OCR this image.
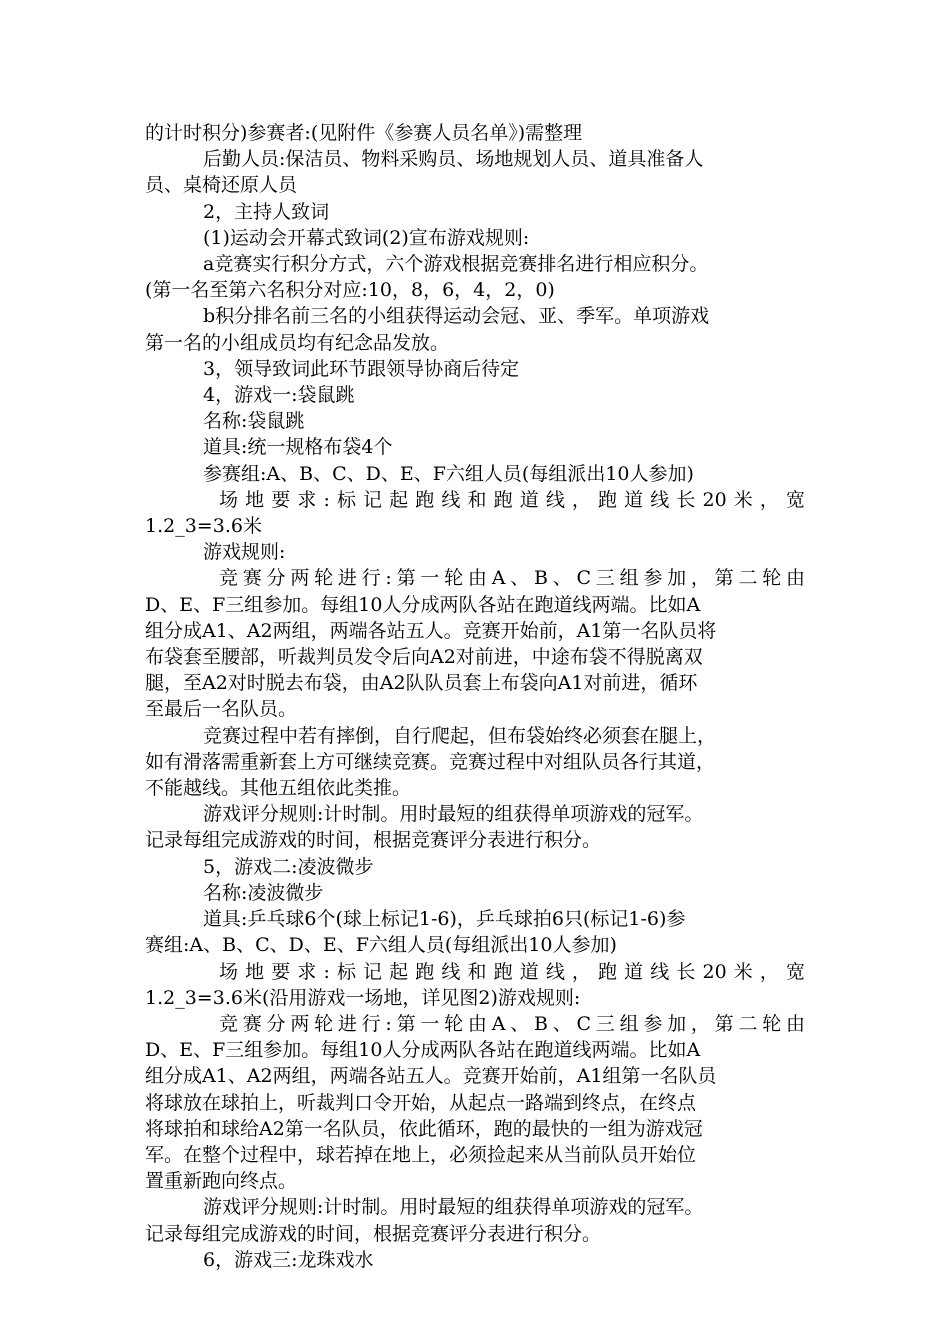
的计时积分)参赛者:(见附件《参赛人员名单》)需整理
后勤人员:保洁员、物料采购员、场地规划人员、道具准备人
员、桌椅还原人员
2，主持人致词
(1)运动会开幕式致词(2)宣布游戏规则:
a竞赛实行积分方式，六个游戏根据竞赛排名进行相应积分。
(第一名至第六名积分对应:10，8，6，4，2，0)
b积分排名前三名的小组获得运动会冠、亚、季军。单项游戏
第一名的小组成员均有纪念品发放。
3，领导致词此环节跟领导协商后待定
4，游戏一:袋鼠跳
名称:袋鼠跳
道具:统一规格布袋4个
参赛组:A、B、C、D、E、F六组人员(每组派出10人参加)
场地要求:标记起跑线和跑道线，跑道线长20米，宽
1.2_3=3.6米
游戏规则:
竞赛分两轮进行:第一轮由A、B、C三组参加，第二轮由
D、E、F三组参加。每组10人分成两队各站在跑道线两端。比如A
组分成A1、A2两组，两端各站五人。竞赛开始前，A1第一名队员将
布袋套至腰部，听裁判员发令后向A2对前进，中途布袋不得脱离双
腿，至A2对时脱去布袋，由A2队队员套上布袋向A1对前进，循环
至最后一名队员。
竞赛过程中若有摔倒，自行爬起，但布袋始终必须套在腿上，
如有滑落需重新套上方可继续竞赛。竞赛过程中对组队员各行其道，
不能越线。其他五组依此类推。
游戏评分规则:计时制。用时最短的组获得单项游戏的冠军。
记录每组完成游戏的时间，根据竞赛评分表进行积分。
5，游戏二:凌波微步
名称:凌波微步
道具:乒乓球6个(球上标记1-6)，乒乓球拍6只(标记1-6)参
赛组:A、B、C、D、E、F六组人员(每组派出10人参加)
场地要求:标记起跑线和跑道线，跑道线长20米，宽
1.2_3=3.6米(沿用游戏一场地，详见图2)游戏规则:
竞赛分两轮进行:第一轮由A、B、C三组参加，第二轮由
D、E、F三组参加。每组10人分成两队各站在跑道线两端。比如A
组分成A1、A2两组，两端各站五人。竞赛开始前，A1组第一名队员
将球放在球拍上，听裁判口令开始，从起点一路端到终点，在终点
将球拍和球给A2第一名队员，依此循环，跑的最快的一组为游戏冠
军。在整个过程中，球若掉在地上，必须捡起来从当前队员开始位
置重新跑向终点。
游戏评分规则:计时制。用时最短的组获得单项游戏的冠军。
记录每组完成游戏的时间，根据竞赛评分表进行积分。
6，游戏三:龙珠戏水
